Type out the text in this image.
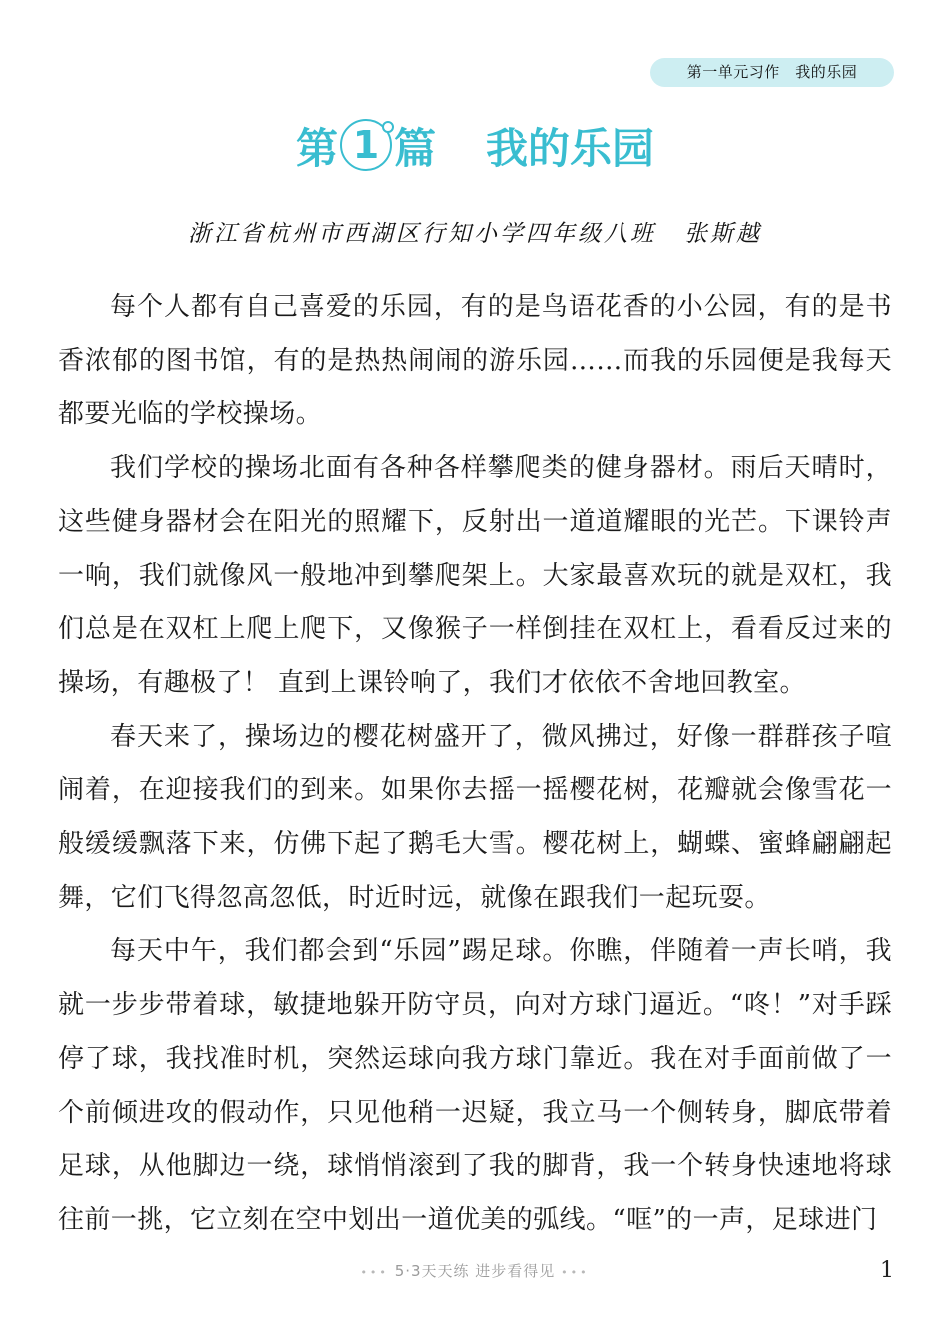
第一单元习作　我的乐园
第 1 篇 我的乐园
浙江省杭州市西湖区行知小学四年级八班 张斯越

每个人都有自己喜爱的乐园，有的是鸟语花香的小公园，有的是书香浓郁的图书馆，有的是热热闹闹的游乐园……而我的乐园便是我每天都要光临的学校操场。

我们学校的操场北面有各种各样攀爬类的健身器材。雨后天晴时，这些健身器材会在阳光的照耀下，反射出一道道耀眼的光芒。下课铃声一响，我们就像风一般地冲到攀爬架上。大家最喜欢玩的就是双杠，我们总是在双杠上爬上爬下，又像猴子一样倒挂在双杠上，看看反过来的操场，有趣极了！ 直到上课铃响了，我们才依依不舍地回教室。

春天来了，操场边的樱花树盛开了，微风拂过，好像一群群孩子喧闹着，在迎接我们的到来。如果你去摇一摇樱花树，花瓣就会像雪花一般缓缓飘落下来，仿佛下起了鹅毛大雪。樱花树上，蝴蝶、蜜蜂翩翩起舞，它们飞得忽高忽低，时近时远，就像在跟我们一起玩耍。

每天中午，我们都会到“乐园”踢足球。你瞧，伴随着一声长哨，我就一步步带着球，敏捷地躲开防守员，向对方球门逼近。“咚！”对手踩停了球，我找准时机，突然运球向我方球门靠近。我在对手面前做了一个前倾进攻的假动作，只见他稍一迟疑，我立马一个侧转身，脚底带着足球，从他脚边一绕，球悄悄滚到了我的脚背，我一个转身快速地将球往前一挑，它立刻在空中划出一道优美的弧线。“哐”的一声，足球进门

••• 5·3天天练 进步看得见 •••	1
